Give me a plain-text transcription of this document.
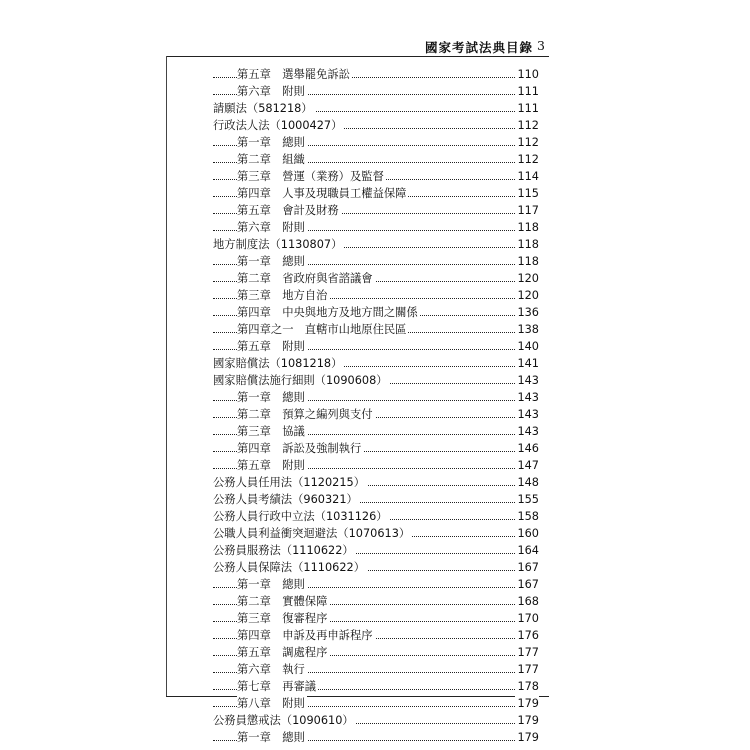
國家考試法典目錄 3
第五章　選舉罷免訴訟	110
第六章　附則	111
請願法（581218）	111
行政法人法（1000427）	112
第一章　總則	112
第二章　組織	112
第三章　營運（業務）及監督	114
第四章　人事及現職員工權益保障	115
第五章　會計及財務	117
第六章　附則	118
地方制度法（1130807）	118
第一章　總則	118
第二章　省政府與省諮議會	120
第三章　地方自治	120
第四章　中央與地方及地方間之關係	136
第四章之一　直轄市山地原住民區	138
第五章　附則	140
國家賠償法（1081218）	141
國家賠償法施行細則（1090608）	143
第一章　總則	143
第二章　預算之編列與支付	143
第三章　協議	143
第四章　訴訟及強制執行	146
第五章　附則	147
公務人員任用法（1120215）	148
公務人員考績法（960321）	155
公務人員行政中立法（1031126）	158
公職人員利益衝突迴避法（1070613）	160
公務員服務法（1110622）	164
公務人員保障法（1110622）	167
第一章　總則	167
第二章　實體保障	168
第三章　復審程序	170
第四章　申訴及再申訴程序	176
第五章　調處程序	177
第六章　執行	177
第七章　再審議	178
第八章　附則	179
公務員懲戒法（1090610）	179
第一章　總則	179
